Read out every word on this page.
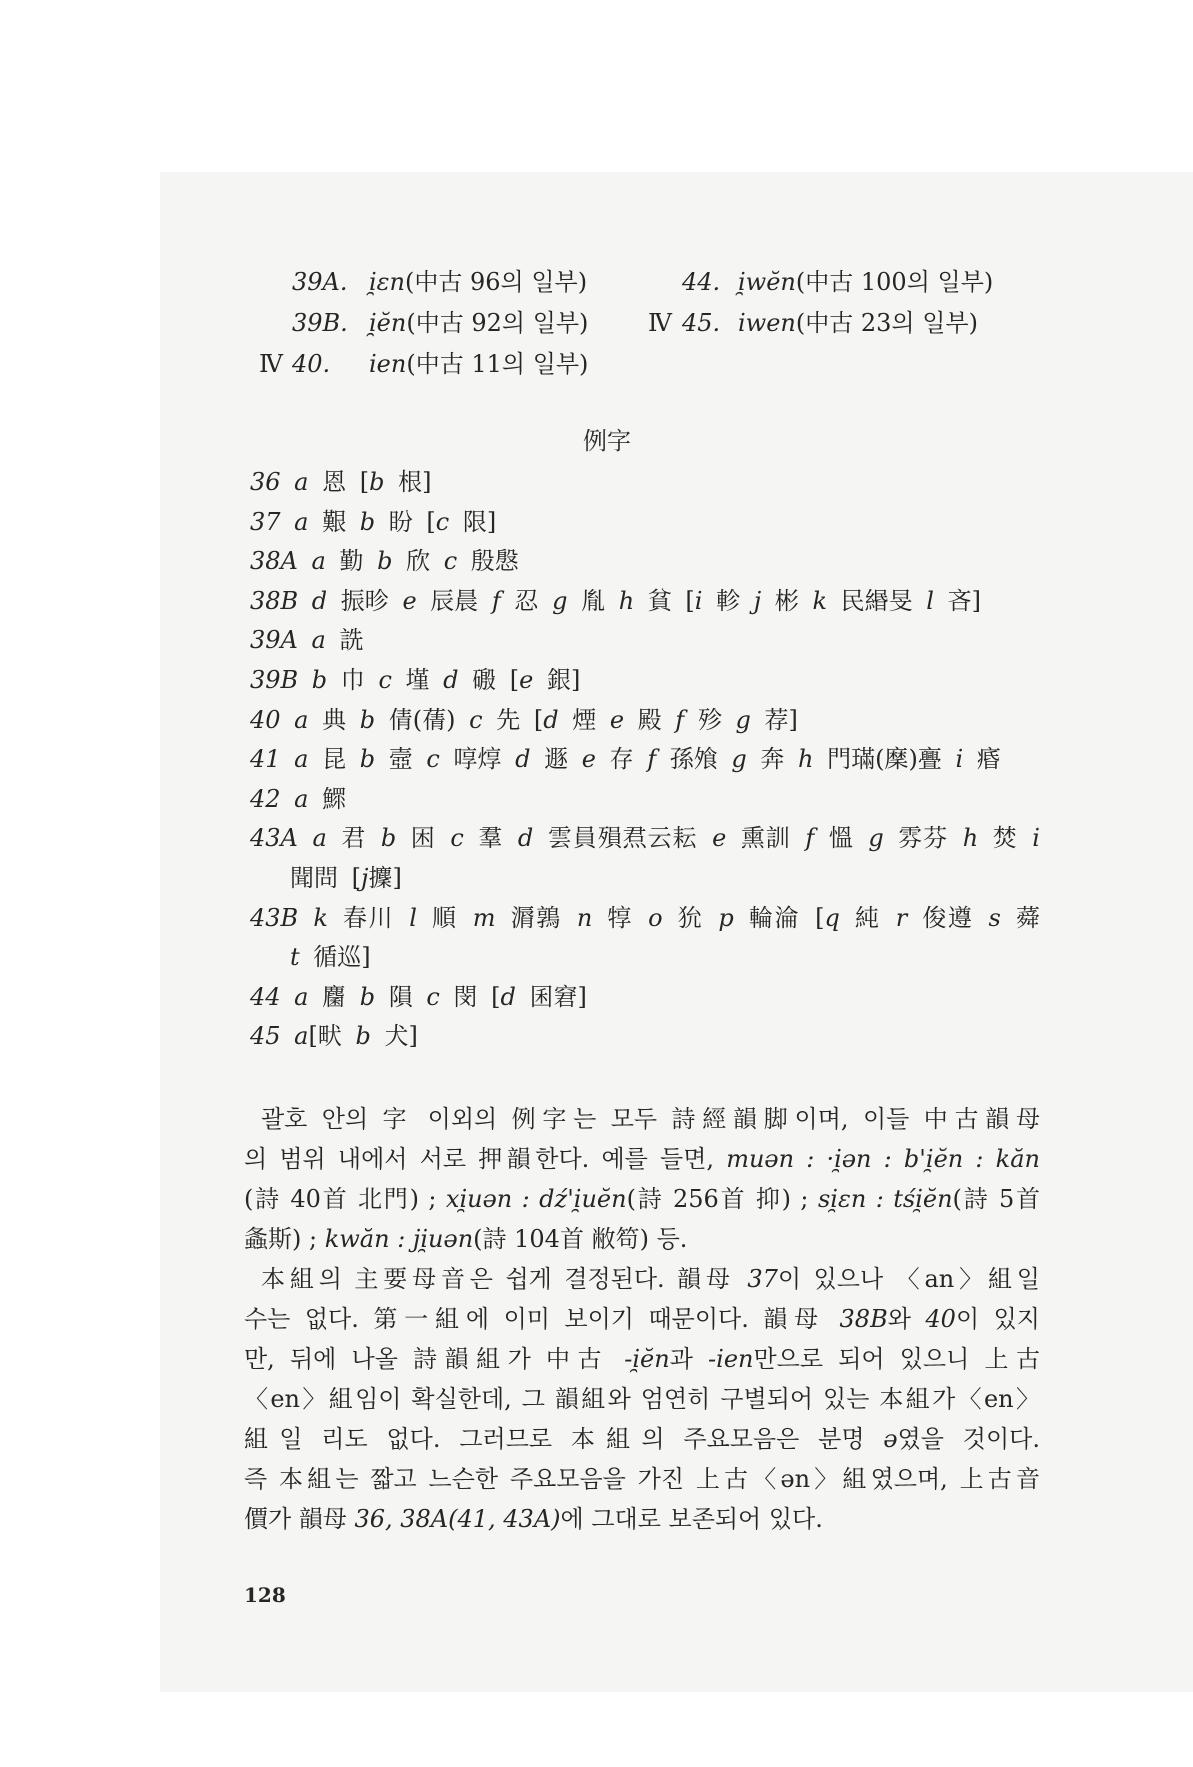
39A. i̯ɛn(中古 96의 일부)
39B. i̯ĕn(中古 92의 일부)
Ⅳ 40. ien(中古 11의 일부)
44. i̯wĕn(中古 100의 일부)
Ⅳ 45. iwen(中古 23의 일부)
例字
36 a 恩 [b 根]
37 a 艱 b 盼 [c 限]
38A a 勤 b 欣 c 殷慇
38B d 振昣 e 辰晨 f 忍 g 胤 h 貧 [i 軫 j 彬 k 民緡旻 l 吝]
39A a 詵
39B b 巾 c 墐 d 磤 [e 銀]
40 a 典 b 倩(蒨) c 先 [d 煙 e 殿 f 殄 g 荐]
41 a 昆 b 壼 c 啍焞 d 遯 e 存 f 孫飧 g 奔 h 門璊(穈)亹 i 痻
42 a 鰥
43A a 君 b 困 c 羣 d 雲員殞焄云耘 e 熏訓 f 慍 g 雰芬 h 焚 i
聞問 [j攈]
43B k 春川 l 順 m 漘鶉 n 犉 o 狁 p 輪淪 [q 純 r 俊遵 s 蕣
t 循巡]
44 a 麕 b 隕 c 閔 [d 囷窘]
45 a[畎 b 犬]
괄호 안의 字 이외의 例字는 모두 詩經韻脚이며, 이들 中古韻母
의 범위 내에서 서로 押韻한다. 예를 들면, muən : ·i̯ən : b'i̯ĕn : kăn
(詩 40首 北門) ; xi̯uən : dź'i̯uĕn(詩 256首 抑) ; si̯ɛn : tśi̯ĕn(詩 5首
螽斯) ; kwăn : ji̯uən(詩 104首 敝笱) 등.
本組의 主要母音은 쉽게 결정된다. 韻母 37이 있으나 〈an〉組일
수는 없다. 第一組에 이미 보이기 때문이다. 韻母 38B와 40이 있지
만, 뒤에 나올 詩韻組가 中古 -i̯ĕn과 -ien만으로 되어 있으니 上古
〈en〉組임이 확실한데, 그 韻組와 엄연히 구별되어 있는 本組가〈en〉
組일 리도 없다. 그러므로 本組의 주요모음은 분명 ə였을 것이다.
즉 本組는 짧고 느슨한 주요모음을 가진 上古〈ən〉組였으며, 上古音
價가 韻母 36, 38A(41, 43A)에 그대로 보존되어 있다.
128
